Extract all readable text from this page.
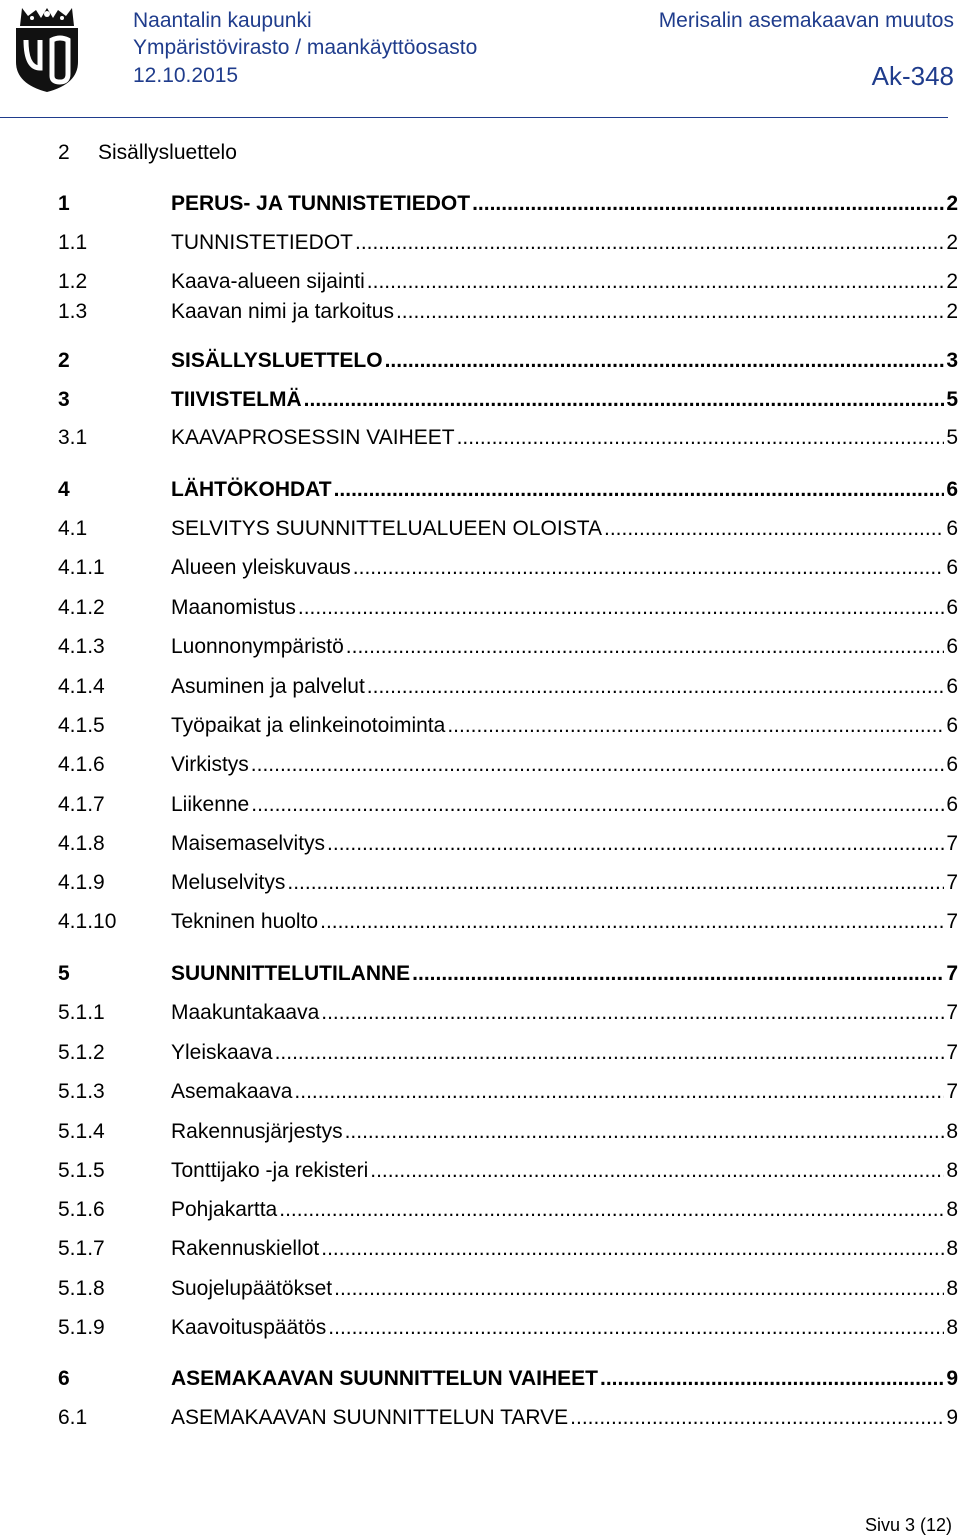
Naantalin kaupunki
Ympäristövirasto / maankäyttöosasto
12.10.2015
Merisalin asemakaavan muutos
Ak-348
2 Sisällysluettelo
1	PERUS- JA TUNNISTETIEDOT .....	2
1.1	TUNNISTETIEDOT .....	2
1.2	Kaava-alueen sijainti .....	2
1.3	Kaavan nimi ja tarkoitus .....	2
2	SISÄLLYSLUETTELO .....	3
3	TIIVISTELMÄ .....	5
3.1	KAAVAPROSESSIN VAIHEET .....	5
4	LÄHTÖKOHDAT .....	6
4.1	SELVITYS SUUNNITTELUALUEEN OLOISTA .....	6
4.1.1	Alueen yleiskuvaus .....	6
4.1.2	Maanomistus .....	6
4.1.3	Luonnonympäristö .....	6
4.1.4	Asuminen ja palvelut .....	6
4.1.5	Työpaikat ja elinkeinotoiminta .....	6
4.1.6	Virkistys .....	6
4.1.7	Liikenne .....	6
4.1.8	Maisemaselvitys .....	7
4.1.9	Meluselvitys .....	7
4.1.10	Tekninen huolto .....	7
5	SUUNNITTELUTILANNE .....	7
5.1.1	Maakuntakaava .....	7
5.1.2	Yleiskaava .....	7
5.1.3	Asemakaava .....	7
5.1.4	Rakennusjärjestys .....	8
5.1.5	Tonttijako -ja rekisteri .....	8
5.1.6	Pohjakartta .....	8
5.1.7	Rakennuskiellot .....	8
5.1.8	Suojelupäätökset .....	8
5.1.9	Kaavoituspäätös .....	8
6	ASEMAKAAVAN SUUNNITTELUN VAIHEET .....	9
6.1	ASEMAKAAVAN SUUNNITTELUN TARVE .....	9
Sivu 3 (12)
